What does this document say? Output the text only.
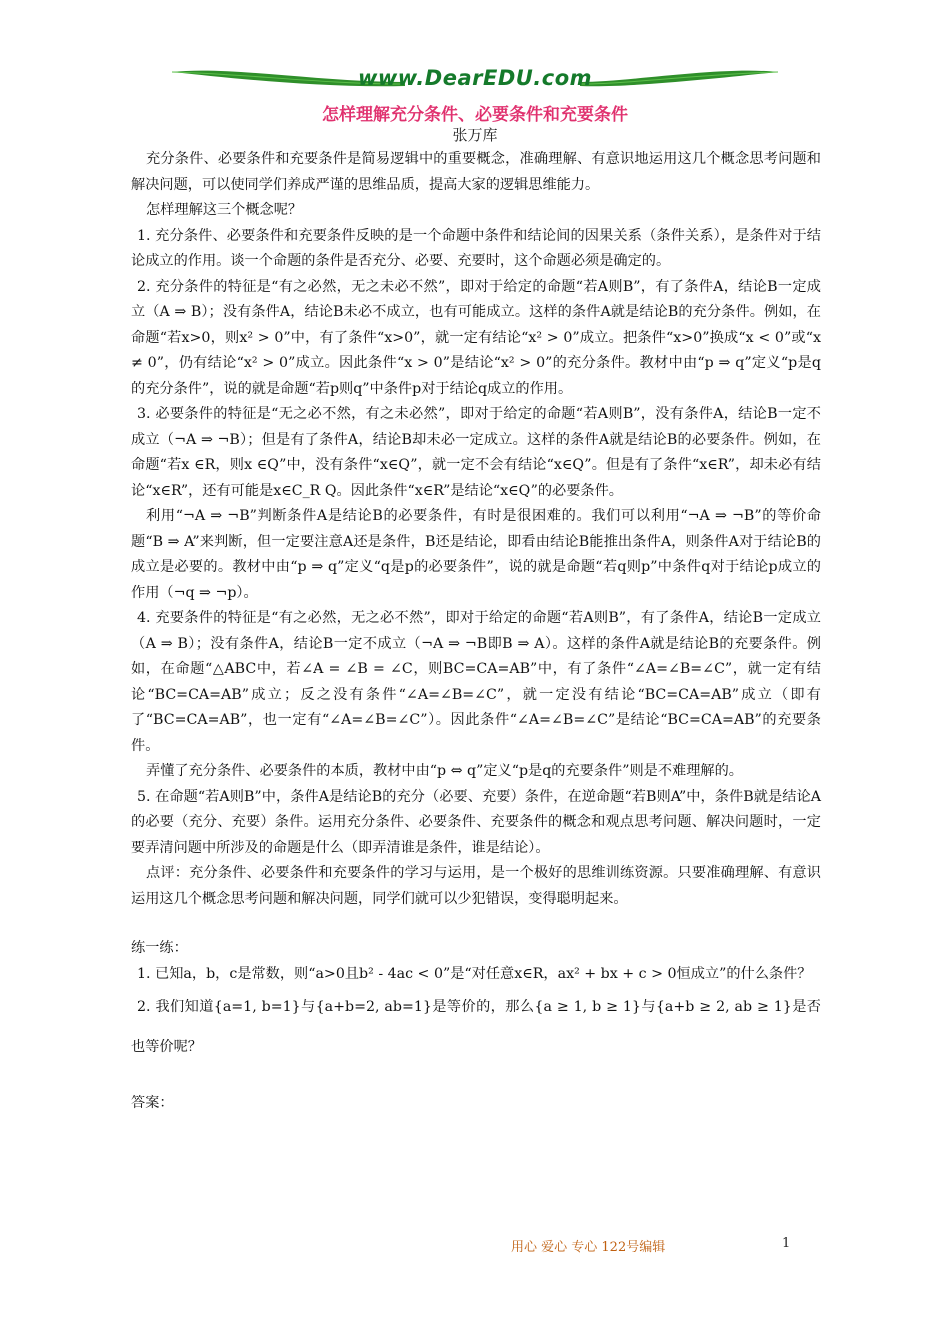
www.DearEDU.com
怎样理解充分条件、必要条件和充要条件
张万库

充分条件、必要条件和充要条件是简易逻辑中的重要概念，准确理解、有意识地运用这几个概念思考问题和解决问题，可以使同学们养成严谨的思维品质，提高大家的逻辑思维能力。

怎样理解这三个概念呢？

1. 充分条件、必要条件和充要条件反映的是一个命题中条件和结论间的因果关系（条件关系），是条件对于结论成立的作用。谈一个命题的条件是否充分、必要、充要时，这个命题必须是确定的。

2. 充分条件的特征是“有之必然，无之未必不然”，即对于给定的命题“若A则B”，有了条件A，结论B一定成立（A ⇒ B）；没有条件A，结论B未必不成立，也有可能成立。这样的条件A就是结论B的充分条件。例如，在命题“若x>0，则x² > 0”中，有了条件“x>0”，就一定有结论“x² > 0”成立。把条件“x>0”换成“x < 0”或“x ≠ 0”，仍有结论“x² > 0”成立。因此条件“x > 0”是结论“x² > 0”的充分条件。教材中由“p ⇒ q”定义“p是q的充分条件”，说的就是命题“若p则q”中条件p对于结论q成立的作用。

3. 必要条件的特征是“无之必不然，有之未必然”，即对于给定的命题“若A则B”，没有条件A，结论B一定不成立（¬A ⇒ ¬B）；但是有了条件A，结论B却未必一定成立。这样的条件A就是结论B的必要条件。例如，在命题“若x ∈R，则x ∈Q”中，没有条件“x∈Q”，就一定不会有结论“x∈Q”。但是有了条件“x∈R”，却未必有结论“x∈R”，还有可能是x∈C_R Q。因此条件“x∈R”是结论“x∈Q”的必要条件。

利用“¬A ⇒ ¬B”判断条件A是结论B的必要条件，有时是很困难的。我们可以利用“¬A ⇒ ¬B”的等价命题“B ⇒ A”来判断，但一定要注意A还是条件，B还是结论，即看由结论B能推出条件A，则条件A对于结论B的成立是必要的。教材中由“p ⇒ q”定义“q是p的必要条件”，说的就是命题“若q则p”中条件q对于结论p成立的作用（¬q ⇒ ¬p）。

4. 充要条件的特征是“有之必然，无之必不然”，即对于给定的命题“若A则B”，有了条件A，结论B一定成立（A ⇒ B）；没有条件A，结论B一定不成立（¬A ⇒ ¬B即B ⇒ A）。这样的条件A就是结论B的充要条件。例如，在命题“△ABC中，若∠A = ∠B = ∠C，则BC=CA=AB”中，有了条件“∠A=∠B=∠C”，就一定有结论“BC=CA=AB”成立；反之没有条件“∠A=∠B=∠C”，就一定没有结论“BC=CA=AB”成立（即有了“BC=CA=AB”，也一定有“∠A=∠B=∠C”）。因此条件“∠A=∠B=∠C”是结论“BC=CA=AB”的充要条件。

弄懂了充分条件、必要条件的本质，教材中由“p ⇔ q”定义“p是q的充要条件”则是不难理解的。

5. 在命题“若A则B”中，条件A是结论B的充分（必要、充要）条件，在逆命题“若B则A”中，条件B就是结论A的必要（充分、充要）条件。运用充分条件、必要条件、充要条件的概念和观点思考问题、解决问题时，一定要弄清问题中所涉及的命题是什么（即弄清谁是条件，谁是结论）。

点评：充分条件、必要条件和充要条件的学习与运用，是一个极好的思维训练资源。只要准确理解、有意识运用这几个概念思考问题和解决问题，同学们就可以少犯错误，变得聪明起来。

练一练：

1. 已知a，b，c是常数，则“a>0且b² - 4ac < 0”是“对任意x∈R，ax² + bx + c > 0恒成立”的什么条件？

2. 我们知道{a=1, b=1}与{a+b=2, ab=1}是等价的，那么{a ≥ 1, b ≥ 1}与{a+b ≥ 2, ab ≥ 1}是否也等价呢？

答案：

用心 爱心 专心 122号编辑	1
